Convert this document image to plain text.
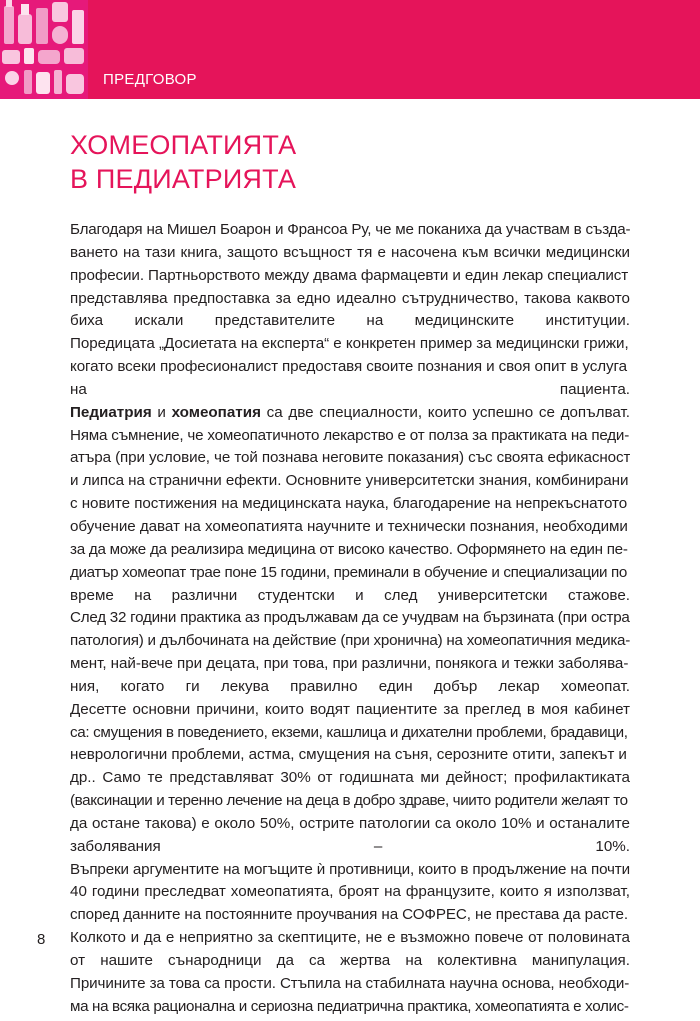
ПРЕДГОВОР
ХОМЕОПАТИЯТА
В ПЕДИАТРИЯТА
Благодаря на Мишел Боарон и Франсоа Ру, че ме поканиха да участвам в създа-
ването на тази книга, защото всъщност тя е насочена към всички медицински
професии. Партньорството между двама фармацевти и един лекар специалист
представлява предпоставка за едно идеално сътрудничество, такова каквото
биха искали представителите на медицинските институции.
Поредицата „Досиетата на експерта“ е конкретен пример за медицински грижи,
когато всеки професионалист предоставя своите познания и своя опит в услуга
на пациента.
Педиатрия и хомеопатия са две специалности, които успешно се допълват.
Няма съмнение, че хомеопатичното лекарство е от полза за практиката на педи-
атъра (при условие, че той познава неговите показания) със своята ефикасност
и липса на странични ефекти. Основните университетски знания, комбинирани
с новите постижения на медицинската наука, благодарение на непрекъснатото
обучение дават на хомеопатията научните и технически познания, необходими
за да може да реализира медицина от високо качество. Оформянето на един пе-
диатър хомеопат трае поне 15 години, преминали в обучение и специализации по
време на различни студентски и след университетски стажове.
След 32 години практика аз продължавам да се учудвам на бързината (при остра
патология) и дълбочината на действие (при хронична) на хомеопатичния медика-
мент, най-вече при децата, при това, при различни, понякога и тежки заболява-
ния, когато ги лекува правилно един добър лекар хомеопат.
Десетте основни причини, които водят пациентите за преглед в моя кабинет
са: смущения в поведението, екземи, кашлица и дихателни проблеми, брадавици,
неврологични проблеми, астма, смущения на съня, серозните отити, запекът и
др.. Само те представляват 30% от годишната ми дейност; профилактиката
(ваксинации и теренно лечение на деца в добро здраве, чиито родители желаят то
да остане такова) е около 50%, острите патологии са около 10% и останалите
заболявания – 10%.
Въпреки аргументите на могъщите ѝ противници, които в продължение на почти
40 години преследват хомеопатията, броят на французите, които я използват,
според данните на постоянните проучвания на СОФРЕС, не престава да расте.
Колкото и да е неприятно за скептиците, не е възможно повече от половината
от нашите сънародници да са жертва на колективна манипулация.
Причините за това са прости. Стъпила на стабилната научна основа, необходи-
ма на всяка рационална и сериозна педиатрична практика, хомеопатията е холис-
8
